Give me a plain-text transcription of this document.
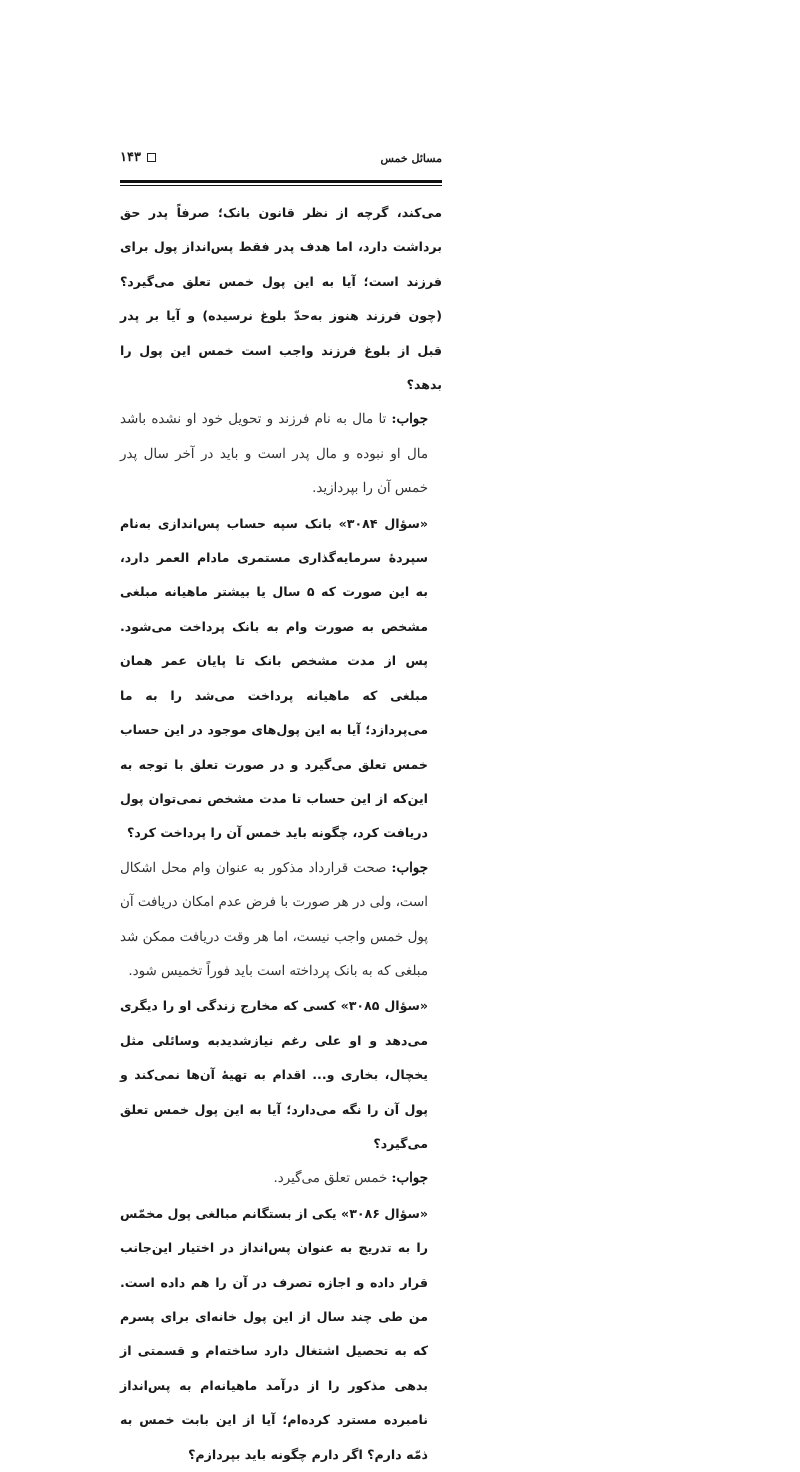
مسائل خمس
۱۴۳

می‌کند، گرچه از نظر قانون بانک؛ صرفاً پدر حق برداشت دارد، اما هدف پدر فقط پس‌انداز پول برای فرزند است؛ آیا به این پول خمس تعلق می‌گیرد؟ (چون فرزند هنوز به‌حدّ بلوغ نرسیده) و آیا بر پدر قبل از بلوغ فرزند واجب است خمس این پول را بدهد؟

جواب: تا مال به نام فرزند و تحویل خود او نشده باشد مال او نبوده و مال پدر است و باید در آخر سال پدر خمس آن را بپردازید.

«سؤال ۳۰۸۴» بانک سپه حساب پس‌اندازی به‌نام سپردهٔ سرمایه‌گذاری مستمری مادام العمر دارد، به این صورت که ۵ سال یا بیشتر ماهیانه مبلغی مشخص به صورت وام به بانک پرداخت می‌شود. پس از مدت مشخص بانک تا پایان عمر همان مبلغی که ماهیانه پرداخت می‌شد را به ما می‌پردازد؛ آیا به این پول‌های موجود در این حساب خمس تعلق می‌گیرد و در صورت تعلق با توجه به این‌که از این حساب تا مدت مشخص نمی‌توان پول دریافت کرد، چگونه باید خمس آن را پرداخت کرد؟

جواب: صحت قرارداد مذکور به عنوان وام محل اشکال است، ولی در هر صورت با فرض عدم امکان دریافت آن پول خمس واجب نیست، اما هر وقت دریافت ممکن شد مبلغی که به بانک پرداخته است باید فوراً تخمیس شود.

«سؤال ۳۰۸۵» کسی که مخارج زندگی او را دیگری می‌دهد و او علی رغم نیازشدیدبه وسائلی مثل یخچال، بخاری و... اقدام به تهیهٔ آن‌ها نمی‌کند و پول آن را نگه می‌دارد؛ آیا به این پول خمس تعلق می‌گیرد؟

جواب: خمس تعلق می‌گیرد.

«سؤال ۳۰۸۶» یکی از بستگانم مبالغی پول مخمّس را به تدریج به عنوان پس‌انداز در اختیار این‌جانب قرار داده و اجازه تصرف در آن را هم داده است. من طی چند سال از این پول خانه‌ای برای پسرم که به تحصیل اشتغال دارد ساخته‌ام و قسمتی از بدهی مذکور را از درآمد ماهیانه‌ام به پس‌انداز نامبرده مسترد کرده‌ام؛ آیا از این بابت خمس به ذمّه دارم؟ اگر دارم چگونه باید بپردازم؟
